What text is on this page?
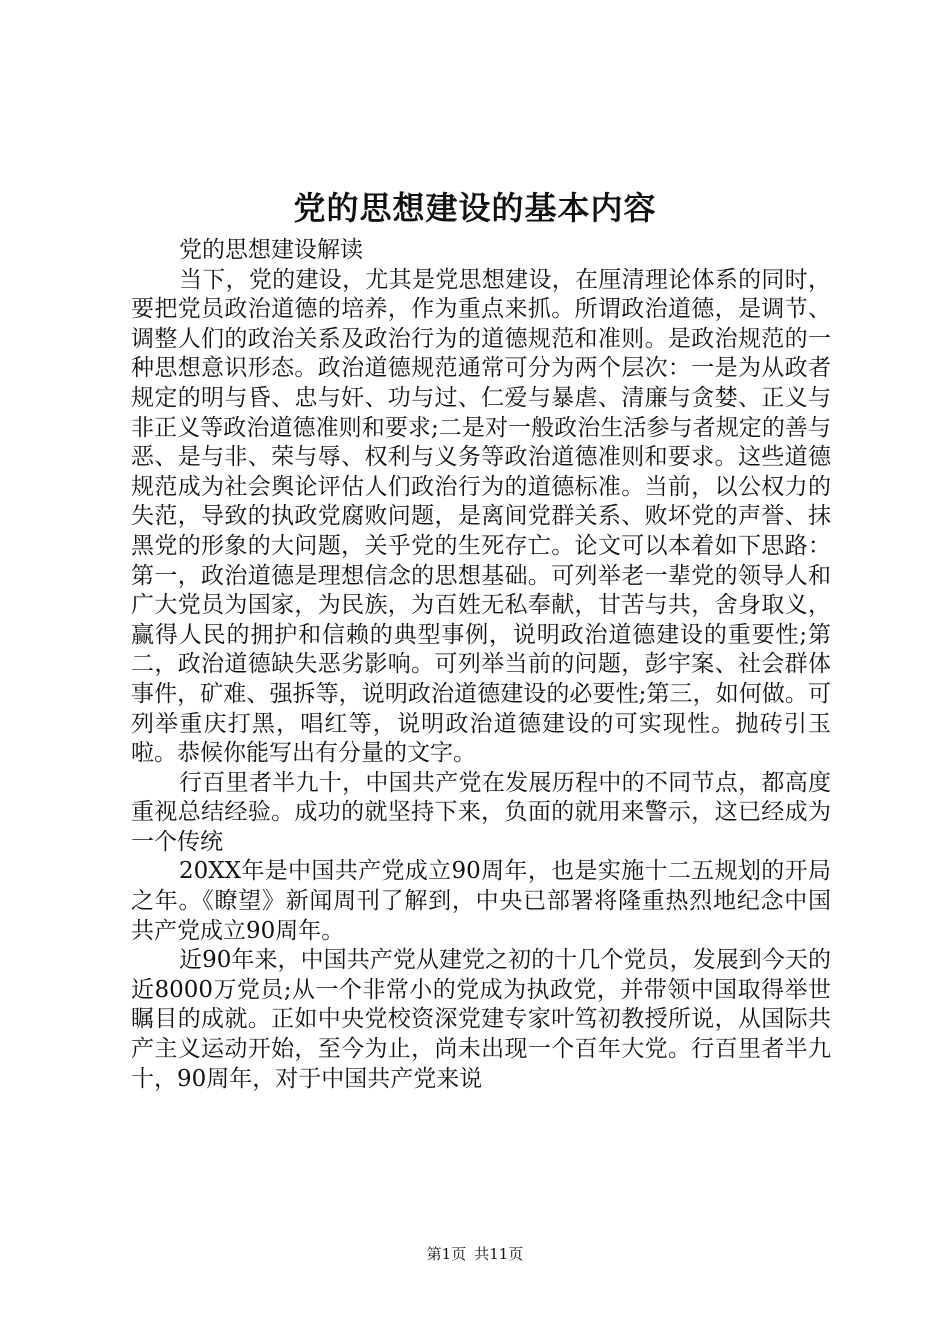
党的思想建设的基本内容

党的思想建设解读

当下，党的建设，尤其是党思想建设，在厘清理论体系的同时，要把党员政治道德的培养，作为重点来抓。所谓政治道德，是调节、调整人们的政治关系及政治行为的道德规范和准则。是政治规范的一种思想意识形态。政治道德规范通常可分为两个层次：一是为从政者规定的明与昏、忠与奸、功与过、仁爱与暴虐、清廉与贪婪、正义与非正义等政治道德准则和要求;二是对一般政治生活参与者规定的善与恶、是与非、荣与辱、权利与义务等政治道德准则和要求。这些道德规范成为社会舆论评估人们政治行为的道德标准。当前，以公权力的失范，导致的执政党腐败问题，是离间党群关系、败坏党的声誉、抹黑党的形象的大问题，关乎党的生死存亡。论文可以本着如下思路：第一，政治道德是理想信念的思想基础。可列举老一辈党的领导人和广大党员为国家，为民族，为百姓无私奉献，甘苦与共，舍身取义，赢得人民的拥护和信赖的典型事例，说明政治道德建设的重要性;第二，政治道德缺失恶劣影响。可列举当前的问题，彭宇案、社会群体事件，矿难、强拆等，说明政治道德建设的必要性;第三，如何做。可列举重庆打黑，唱红等，说明政治道德建设的可实现性。抛砖引玉啦。恭候你能写出有分量的文字。

行百里者半九十，中国共产党在发展历程中的不同节点，都高度重视总结经验。成功的就坚持下来，负面的就用来警示，这已经成为一个传统

20XX年是中国共产党成立90周年，也是实施十二五规划的开局之年。《瞭望》新闻周刊了解到，中央已部署将隆重热烈地纪念中国共产党成立90周年。

近90年来，中国共产党从建党之初的十几个党员，发展到今天的近8000万党员;从一个非常小的党成为执政党，并带领中国取得举世瞩目的成就。正如中央党校资深党建专家叶笃初教授所说，从国际共产主义运动开始，至今为止，尚未出现一个百年大党。行百里者半九十，90周年，对于中国共产党来说

第1页 共11页
